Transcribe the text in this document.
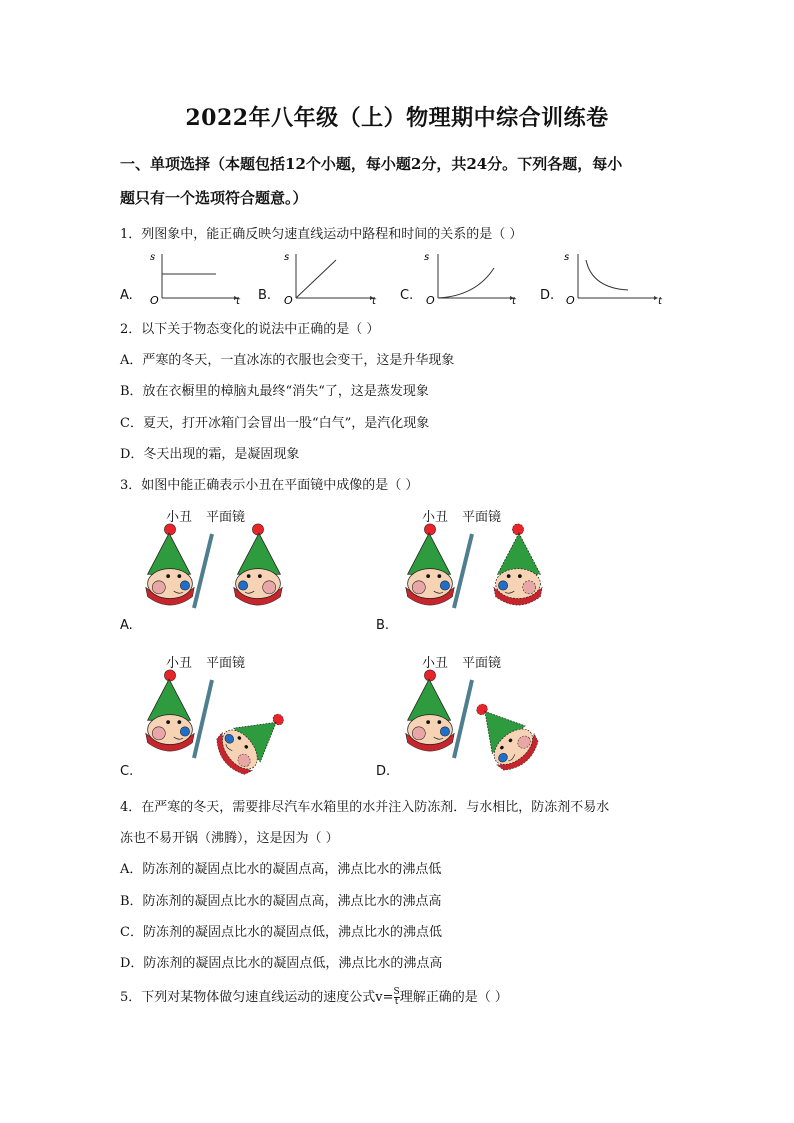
2022年八年级（上）物理期中综合训练卷
一、单项选择（本题包括12个小题，每小题2分，共24分。下列各题，每小
题只有一个选项符合题意。）
1．列图象中，能正确反映匀速直线运动中路程和时间的关系的是（ ）
A.
s
O	t B.
s
O	t C.
s
O	t D.
s
O	t
2．以下关于物态变化的说法中正确的是（ ）
A．严寒的冬天，一直冰冻的衣服也会变干，这是升华现象
B．放在衣橱里的樟脑丸最终“消失“了，这是蒸发现象
C．夏天，打开冰箱门会冒出一股“白气”，是汽化现象
D．冬天出现的霜，是凝固现象
3．如图中能正确表示小丑在平面镜中成像的是（ ）
小丑 平面镜
A.
小丑 平面镜
B.
小丑 平面镜
C.
小丑 平面镜
D.
4．在严寒的冬天，需要排尽汽车水箱里的水并注入防冻剂．与水相比，防冻剂不易水
冻也不易开锅（沸腾），这是因为（ ）
A．防冻剂的凝固点比水的凝固点高，沸点比水的沸点低
B．防冻剂的凝固点比水的凝固点高，沸点比水的沸点高
C．防冻剂的凝固点比水的凝固点低，沸点比水的沸点低
D．防冻剂的凝固点比水的凝固点低，沸点比水的沸点高
5．下列对某物体做匀速直线运动的速度公式$v= \frac{S}{t}$ 理解正确的是（ ）
